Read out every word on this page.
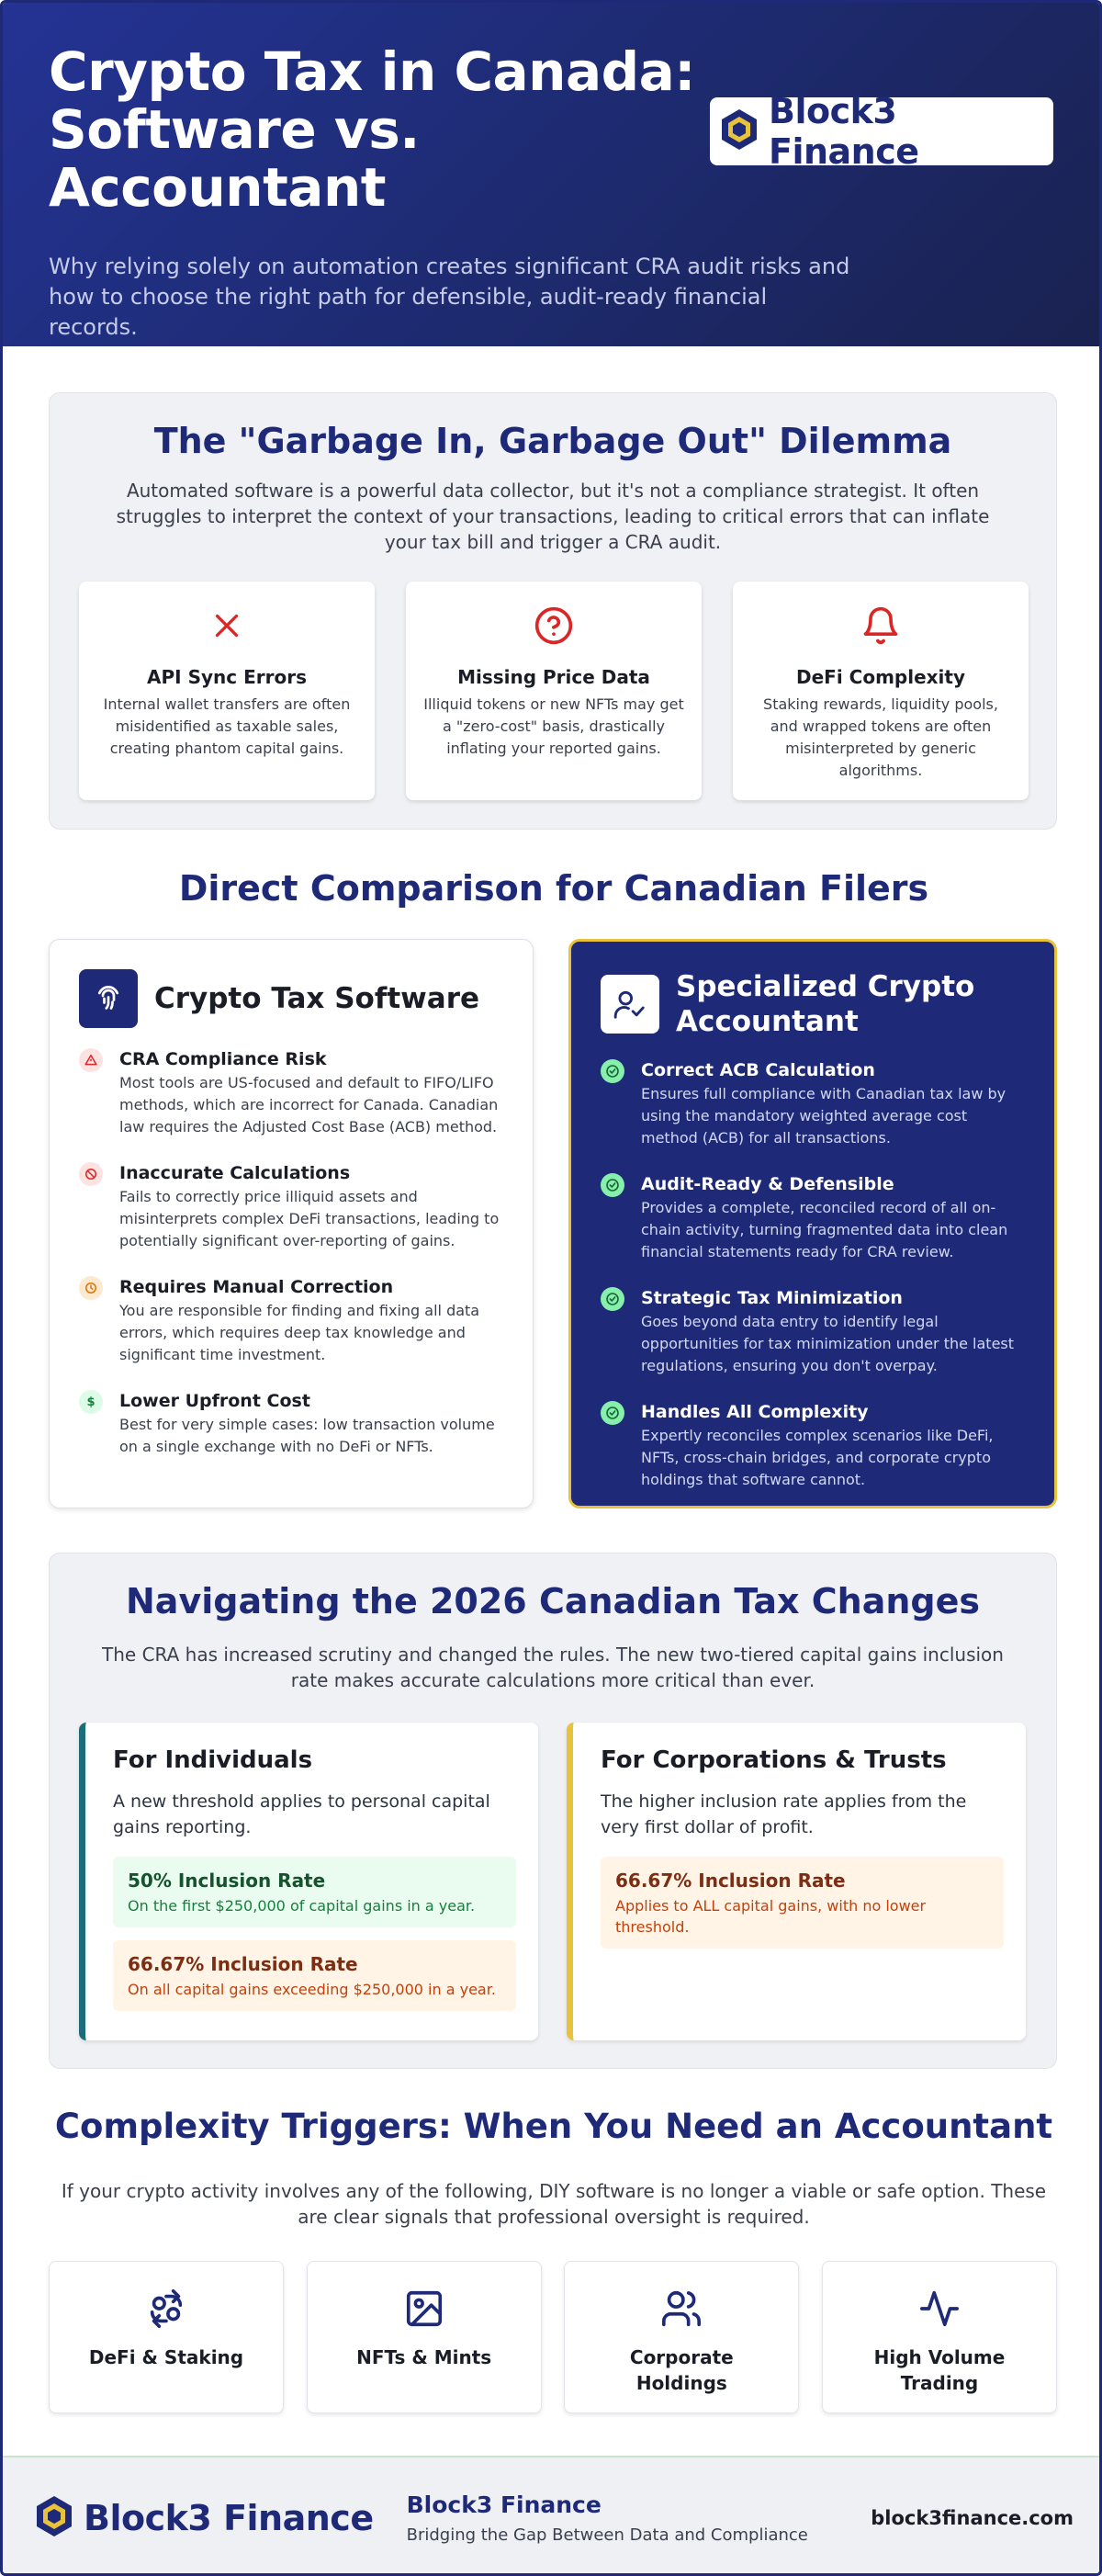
Crypto Tax in Canada: Software vs. Accountant

Why relying solely on automation creates significant CRA audit risks and how to choose the right path for defensible, audit-ready financial records.

Block3 Finance
The "Garbage In, Garbage Out" Dilemma

Automated software is a powerful data collector, but it's not a compliance strategist. It often struggles to interpret the context of your transactions, leading to critical errors that can inflate your tax bill and trigger a CRA audit.

API Sync Errors
Internal wallet transfers are often misidentified as taxable sales, creating phantom capital gains.
Missing Price Data
Illiquid tokens or new NFTs may get a "zero-cost" basis, drastically inflating your reported gains.
DeFi Complexity
Staking rewards, liquidity pools, and wrapped tokens are often misinterpreted by generic algorithms.
Direct Comparison for Canadian Filers
Crypto Tax Software
CRA Compliance Risk
Most tools are US-focused and default to FIFO/LIFO methods, which are incorrect for Canada. Canadian law requires the Adjusted Cost Base (ACB) method.
Inaccurate Calculations
Fails to correctly price illiquid assets and misinterprets complex DeFi transactions, leading to potentially significant over-reporting of gains.
Requires Manual Correction
You are responsible for finding and fixing all data errors, which requires deep tax knowledge and significant time investment.
$ Lower Upfront Cost
Best for very simple cases: low transaction volume on a single exchange with no DeFi or NFTs.
Specialized Crypto Accountant
Correct ACB Calculation
Ensures full compliance with Canadian tax law by using the mandatory weighted average cost method (ACB) for all transactions.
Audit-Ready & Defensible
Provides a complete, reconciled record of all on-chain activity, turning fragmented data into clean financial statements ready for CRA review.
Strategic Tax Minimization
Goes beyond data entry to identify legal opportunities for tax minimization under the latest regulations, ensuring you don't overpay.
Handles All Complexity
Expertly reconciles complex scenarios like DeFi, NFTs, cross-chain bridges, and corporate crypto holdings that software cannot.
Navigating the 2026 Canadian Tax Changes

The CRA has increased scrutiny and changed the rules. The new two-tiered capital gains inclusion rate makes accurate calculations more critical than ever.

For Individuals
A new threshold applies to personal capital gains reporting.
50% Inclusion Rate
On the first $250,000 of capital gains in a year.
66.67% Inclusion Rate
On all capital gains exceeding $250,000 in a year.
For Corporations & Trusts
The higher inclusion rate applies from the very first dollar of profit.
66.67% Inclusion Rate
Applies to ALL capital gains, with no lower threshold.
Complexity Triggers: When You Need an Accountant

If your crypto activity involves any of the following, DIY software is no longer a viable or safe option. These are clear signals that professional oversight is required.

DeFi & Staking	NFTs & Mints	Corporate Holdings
High Volume Trading
Block3 Finance Block3 Finance
Bridging the Gap Between Data and Compliance
block3finance.com
